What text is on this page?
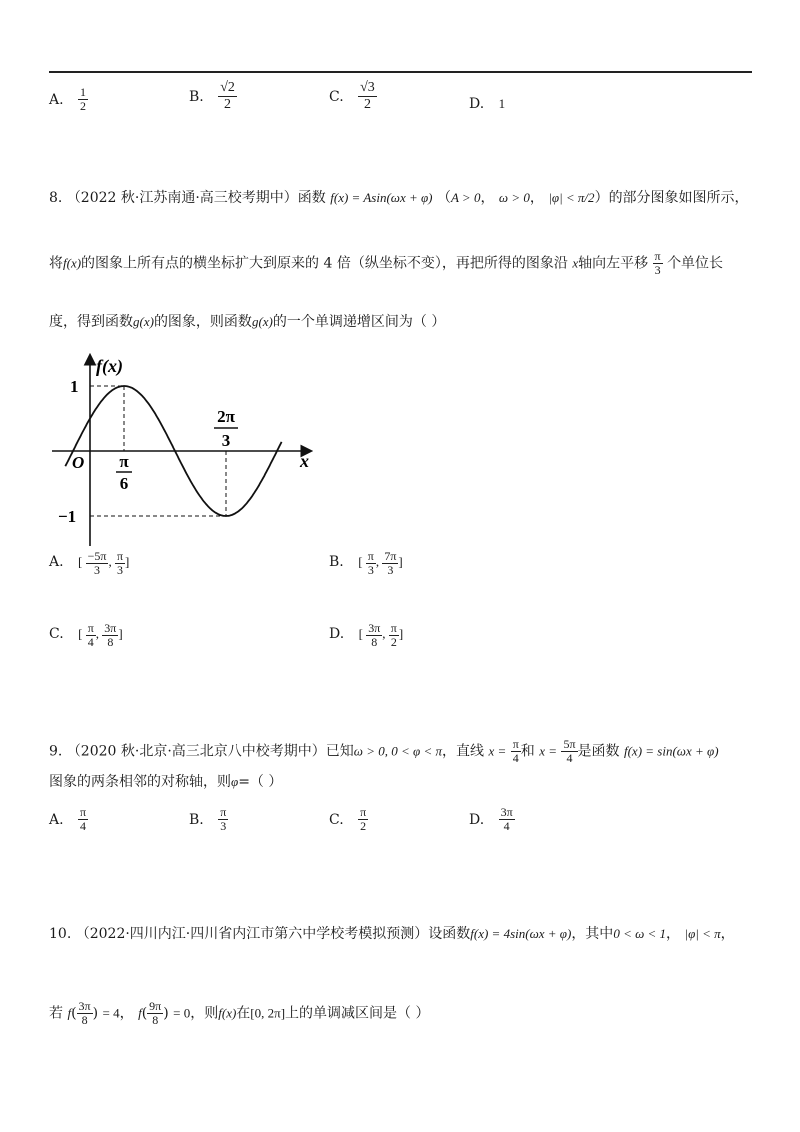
A. $\frac{1}{2}$	B. $\frac{√2}{2}$	C. $\frac{√3}{2}$	D. 1
8. （2022 秋·江苏南通·高三校考期中）函数 f(x) = Asin(ωx + φ) （A > 0， ω > 0， |φ| < π/2）的部分图象如图所示，
将f(x)的图象上所有点的横坐标扩大到原来的 4 倍（纵坐标不变），再把所得的图象沿 x轴向左平移 $\frac{\pi}{3}$ 个单位长
度，得到函数g(x)的图象，则函数g(x)的一个单调递增区间为（ ）
f(x)
x
O
1
−1
π
6
2π
3
A. [ $\frac{-5\pi}{3}$ , $\frac{\pi}{3}$ ]	B. [ $\frac{\pi}{3}$ , $\frac{7\pi}{3}$ ]
C. [ $\frac{\pi}{4}$ , $\frac{3\pi}{8}$ ]	D. [ $\frac{3\pi}{8}$ , $\frac{\pi}{2}$ ]
9. （2020 秋·北京·高三北京八中校考期中）已知ω > 0, 0 < φ < π，直线 $x = \frac{\pi}{4}$ 和 $x = \frac{5\pi}{4}$ 是函数 f(x) = sin(ωx + φ)
图象的两条相邻的对称轴，则φ=（ ）
A. $\frac{\pi}{4}$	B. $\frac{\pi}{3}$	C. $\frac{\pi}{2}$	D. $\frac{3\pi}{4}$
10. （2022·四川内江·四川省内江市第六中学校考模拟预测）设函数f(x) = 4sin(ωx + φ)，其中0 < ω < 1， |φ| < π，
若 $f( \frac{3\pi}{8}$ ) = 4， $f( \frac{9\pi}{8}$ ) = 0，则f(x)在[0, 2π]上的单调减区间是（ ）
